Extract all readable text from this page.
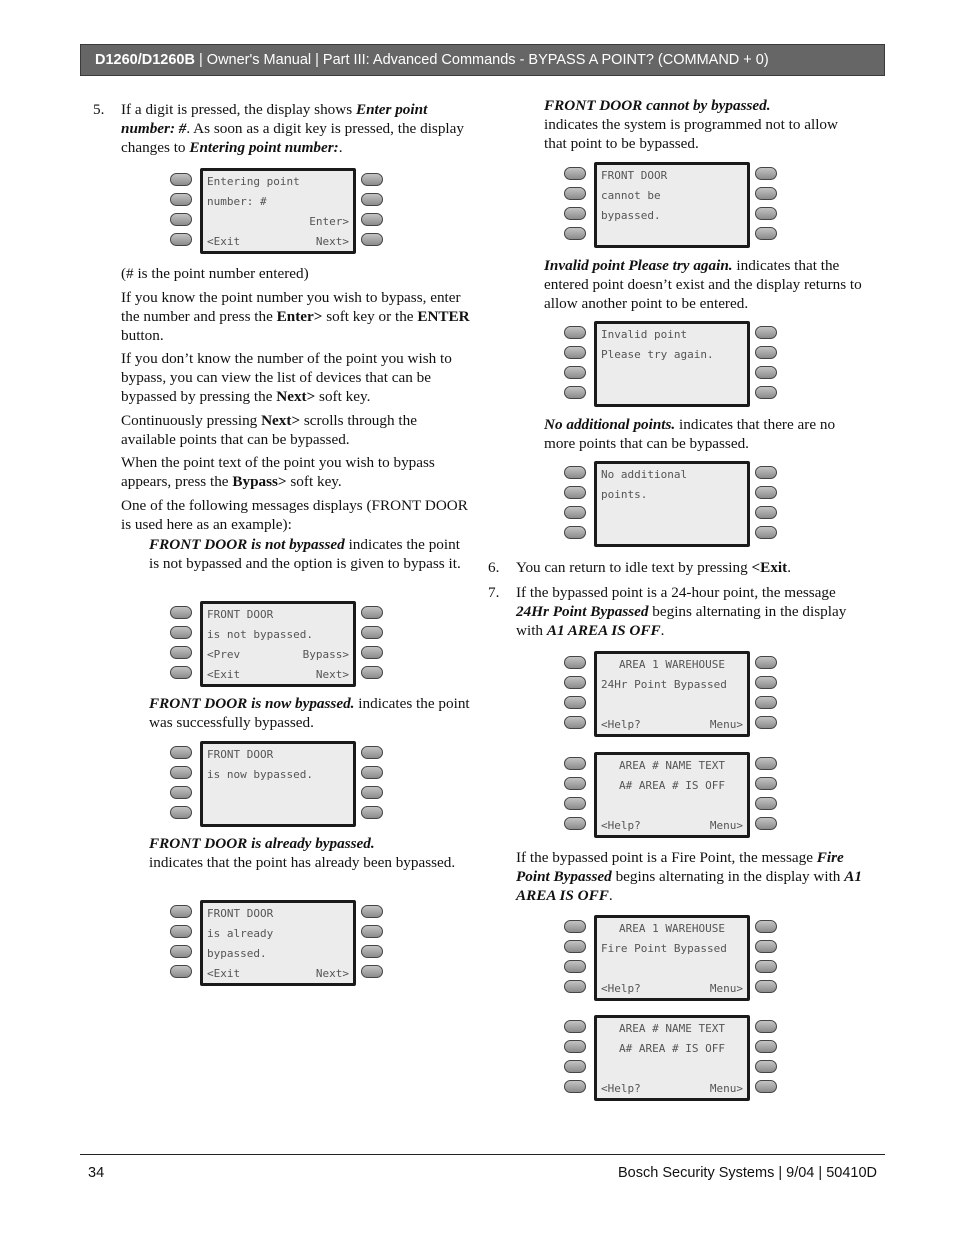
D1260/D1260B | Owner's Manual | Part III: Advanced Commands - BYPASS A POINT? (COMMAND + 0)
5. If a digit is pressed, the display shows Enter point number: #. As soon as a digit key is pressed, the display changes to Entering point number:.
Entering point
number: #
Enter>
<Exit	Next>
(# is the point number entered)
If you know the point number you wish to bypass, enter the number and press the Enter> soft key or the ENTER button.
If you don’t know the number of the point you wish to bypass, you can view the list of devices that can be bypassed by pressing the Next> soft key.
Continuously pressing Next> scrolls through the available points that can be bypassed.
When the point text of the point you wish to bypass appears, press the Bypass> soft key.
One of the following messages displays (FRONT DOOR is used here as an example):
FRONT DOOR is not bypassed indicates the point is not bypassed and the option is given to bypass it.
FRONT DOOR
is not bypassed.
<Prev	Bypass>
<Exit	Next>
FRONT DOOR is now bypassed. indicates the point was successfully bypassed.
FRONT DOOR
is now bypassed.
FRONT DOOR is already bypassed.
indicates that the point has already been bypassed.
FRONT DOOR
is already
bypassed.
<Exit	Next>
FRONT DOOR cannot by bypassed.
indicates the system is programmed not to allow that point to be bypassed.
FRONT DOOR
cannot be
bypassed.
Invalid point Please try again. indicates that the entered point doesn’t exist and the display returns to allow another point to be entered.
Invalid point
Please try again.
No additional points. indicates that there are no more points that can be bypassed.
No additional
points.
6. You can return to idle text by pressing <Exit.
7. If the bypassed point is a 24-hour point, the message 24Hr Point Bypassed begins alternating in the display with A1 AREA IS OFF.
AREA 1 WAREHOUSE
24Hr Point Bypassed
<Help?	Menu>
AREA # NAME TEXT
A# AREA # IS OFF
<Help?	Menu>
If the bypassed point is a Fire Point, the message Fire Point Bypassed begins alternating in the display with A1 AREA IS OFF.
AREA 1 WAREHOUSE
Fire Point Bypassed
<Help?	Menu>
AREA # NAME TEXT
A# AREA # IS OFF
<Help?	Menu>
34	Bosch Security Systems | 9/04 | 50410D
